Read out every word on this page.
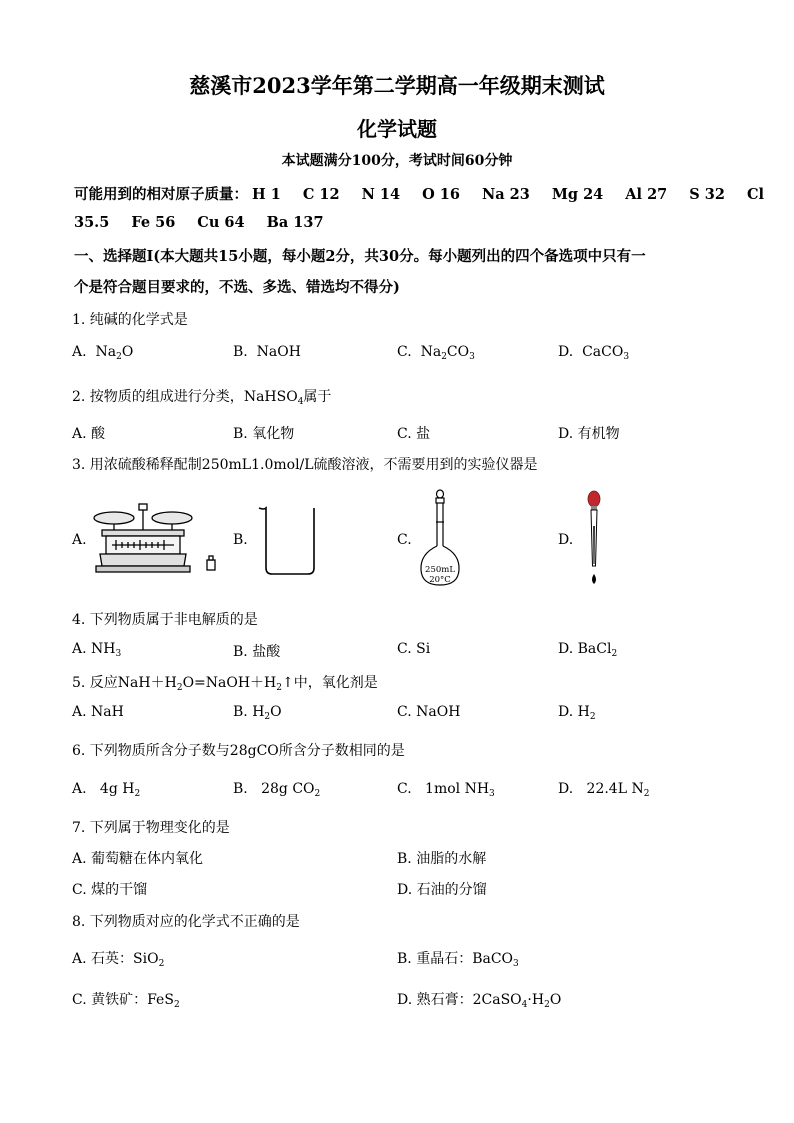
慈溪市2023学年第二学期高一年级期末测试
化学试题
本试题满分100分，考试时间60分钟
可能用到的相对原子质量： H 1 C 12 N 14 O 16 Na 23 Mg 24 Al 27 S 32 Cl
35.5 Fe 56 Cu 64 Ba 137
一、选择题Ⅰ(本大题共15小题，每小题2分，共30分。每小题列出的四个备选项中只有一
个是符合题目要求的，不选、多选、错选均不得分)
1. 纯碱的化学式是
A. $Na_2O$	B. NaOH	C. $Na_2CO_3$	D. CaCO$_3$
2. 按物质的组成进行分类，NaHSO$_4$属于
A. 酸	B. 氧化物	C. 盐	D. 有机物
3. 用浓硫酸稀释配制250mL1.0mol/L硫酸溶液，不需要用到的实验仪器是
A.	B.	C.
250mL
20°C
D.
4. 下列物质属于非电解质的是
A. $NH_3$	B. 盐酸	C. Si	D. BaCl$_2$
5. 反应$NaH+H_2O=NaOH+H_2↑$中，氧化剂是
A. NaH	B. $H_2O$	C. NaOH	D. $H_2$
6. 下列物质所含分子数与28gCO所含分子数相同的是
A. 4g $H_2$	B. 28g $CO_2$	C. 1mol $NH_3$	D. 22.4L $N_2$
7. 下列属于物理变化的是
A. 葡萄糖在体内氧化	B. 油脂的水解
C. 煤的干馏	D. 石油的分馏
8. 下列物质对应的化学式不正确的是
A. 石英：SiO$_2$	B. 重晶石：BaCO$_3$
C. 黄铁矿：FeS$_2$	D. 熟石膏：$2CaSO_4\cdot H_2O$
